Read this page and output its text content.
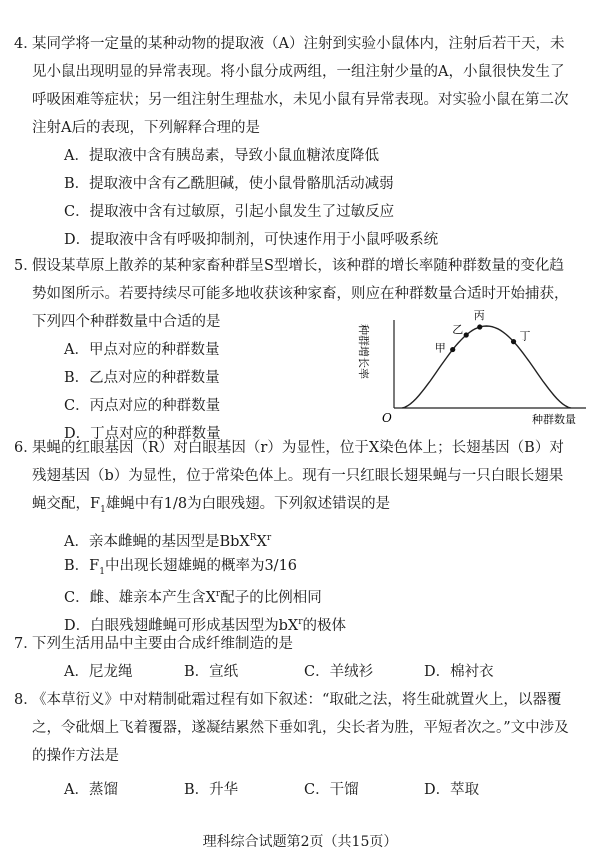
4．
某同学将一定量的某种动物的提取液（A）注射到实验小鼠体内，注射后若干天，未见小鼠出现明显的异常表现。将小鼠分成两组，一组注射少量的A，小鼠很快发生了呼吸困难等症状；另一组注射生理盐水，未见小鼠有异常表现。对实验小鼠在第二次注射A后的表现，下列解释合理的是
A．提取液中含有胰岛素，导致小鼠血糖浓度降低
B．提取液中含有乙酰胆碱，使小鼠骨骼肌活动减弱
C．提取液中含有过敏原，引起小鼠发生了过敏反应
D．提取液中含有呼吸抑制剂，可快速作用于小鼠呼吸系统
5．
假设某草原上散养的某种家畜种群呈S型增长，该种群的增长率随种群数量的变化趋势如图所示。若要持续尽可能多地收获该种家畜，则应在种群数量合适时开始捕获，下列四个种群数量中合适的是
A．甲点对应的种群数量
B．乙点对应的种群数量
C．丙点对应的种群数量
D．丁点对应的种群数量
种群增长率
种群数量
O
甲
乙
丙
丁
6．
果蝇的红眼基因（R）对白眼基因（r）为显性，位于X染色体上；长翅基因（B）对残翅基因（b）为显性，位于常染色体上。现有一只红眼长翅果蝇与一只白眼长翅果蝇交配，$F_1$雄蝇中有1/8为白眼残翅。下列叙述错误的是
A．亲本雌蝇的基因型是$BbX^RX^r$
B．$F_1$中出现长翅雄蝇的概率为3/16
C．雌、雄亲本产生含$X^r$配子的比例相同
D．白眼残翅雌蝇可形成基因型为$bX^r$的极体
7．
下列生活用品中主要由合成纤维制造的是
A．尼龙绳	B．宣纸	C．羊绒衫	D．棉衬衣
8．
《本草衍义》中对精制砒霜过程有如下叙述：“取砒之法，将生砒就置火上，以器覆之，令砒烟上飞着覆器，遂凝结累然下垂如乳，尖长者为胜，平短者次之。”文中涉及的操作方法是
A．蒸馏	B．升华	C．干馏	D．萃取
理科综合试题第2页（共15页）
